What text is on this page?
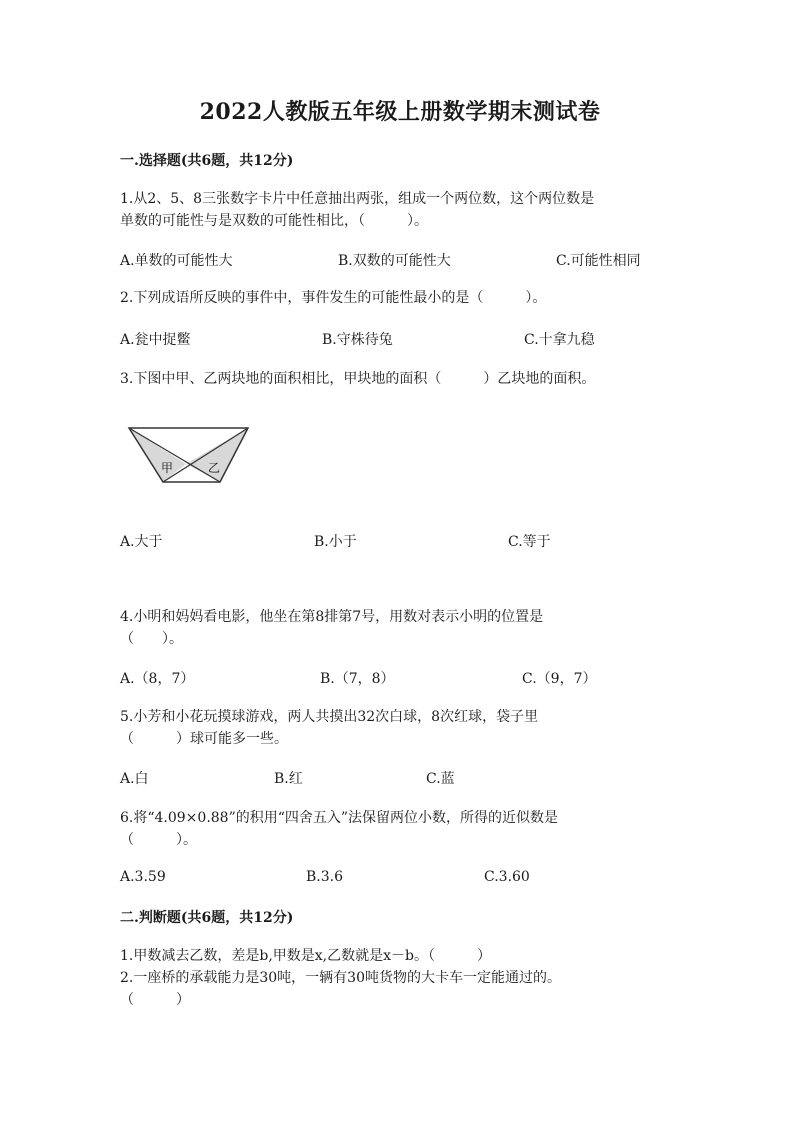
2022人教版五年级上册数学期末测试卷
一.选择题(共6题，共12分)
1.从2、5、8三张数字卡片中任意抽出两张，组成一个两位数，这个两位数是
单数的可能性与是双数的可能性相比，（　　　）。
A.单数的可能性大	B.双数的可能性大	C.可能性相同
2.下列成语所反映的事件中，事件发生的可能性最小的是（　　　）。
A.瓮中捉鳖	B.守株待兔	C.十拿九稳
3.下图中甲、乙两块地的面积相比，甲块地的面积（　　　）乙块地的面积。
甲	乙
A.大于	B.小于	C.等于
4.小明和妈妈看电影，他坐在第8排第7号，用数对表示小明的位置是
（　　）。
A.（8，7）	B.（7，8）	C.（9，7）
5.小芳和小花玩摸球游戏，两人共摸出32次白球，8次红球，袋子里
（　　　）球可能多一些。
A.白	B.红	C.蓝
6.将“4.09×0.88”的积用“四舍五入”法保留两位小数，所得的近似数是
（　　　）。
A.3.59	B.3.6	C.3.60
二.判断题(共6题，共12分)
1.甲数减去乙数，差是b,甲数是x,乙数就是x－b。（　　　）
2.一座桥的承载能力是30吨，一辆有30吨货物的大卡车一定能通过的。
（　　　）
